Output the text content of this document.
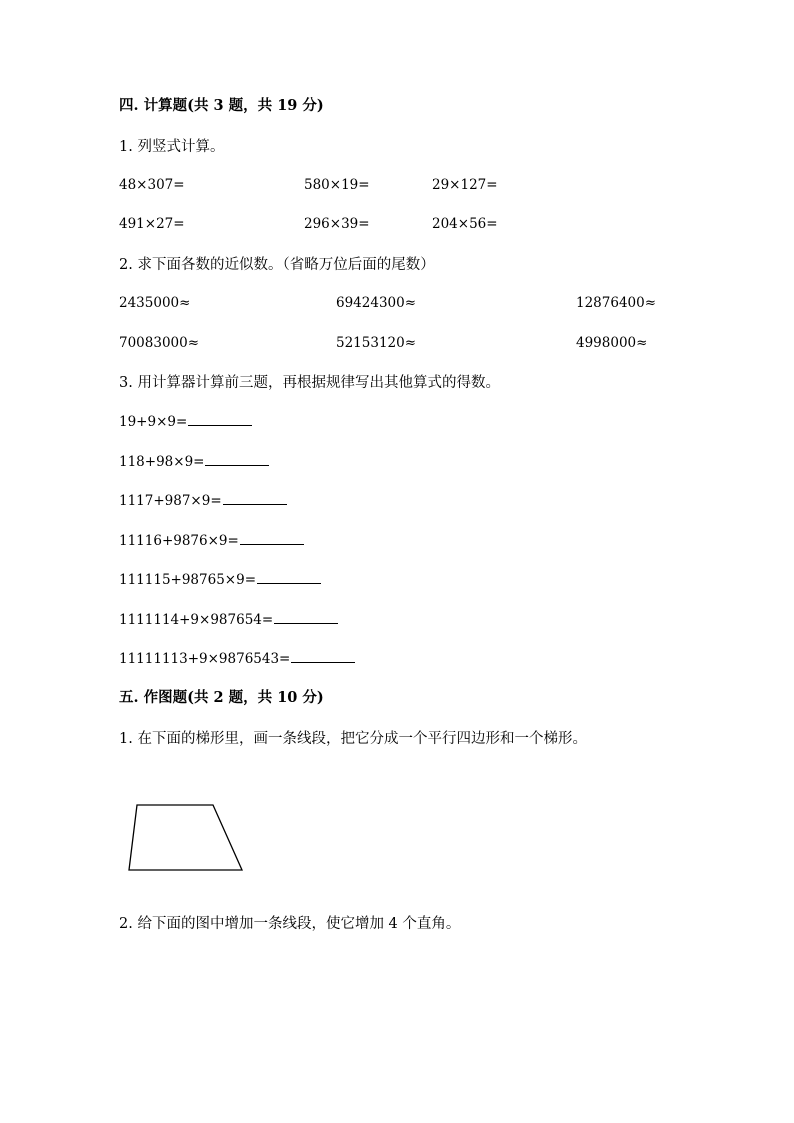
四. 计算题(共 3 题，共 19 分)
1. 列竖式计算。
48×307=	580×19=	29×127=
491×27=	296×39=	204×56=
2. 求下面各数的近似数。（省略万位后面的尾数）
2435000≈	69424300≈	12876400≈
70083000≈	52153120≈	4998000≈
3. 用计算器计算前三题，再根据规律写出其他算式的得数。
19+9×9=
118+98×9=
1117+987×9=
11116+9876×9=
111115+98765×9=
1111114+9×987654=
11111113+9×9876543=
五. 作图题(共 2 题，共 10 分)
1. 在下面的梯形里，画一条线段，把它分成一个平行四边形和一个梯形。
2. 给下面的图中增加一条线段，使它增加 4 个直角。
